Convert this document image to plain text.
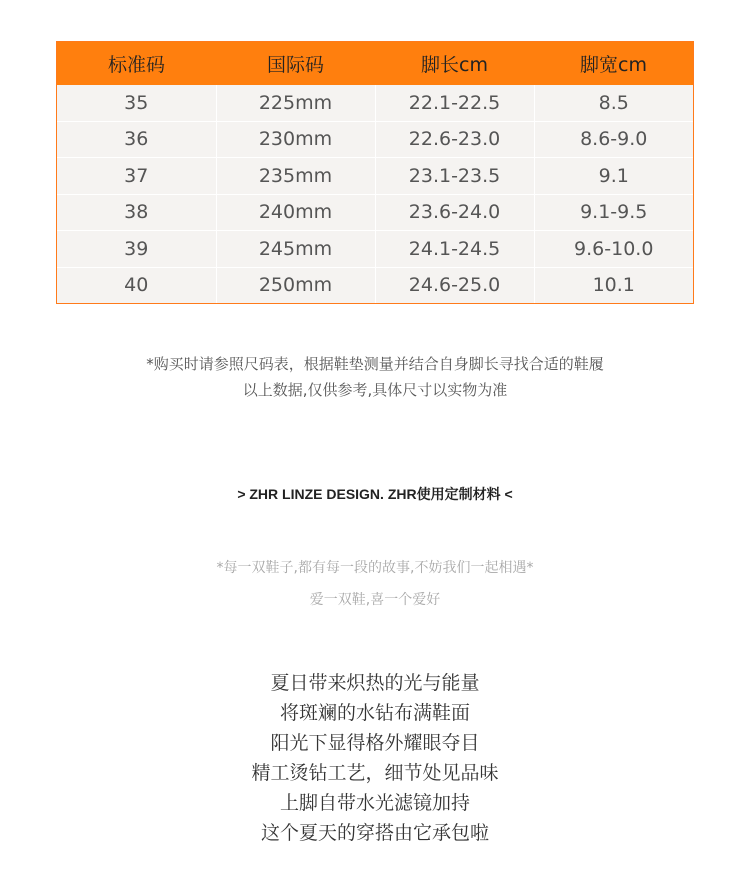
标准码	国际码	脚长cm	脚宽cm
35	225mm	22.1-22.5	8.5
36	230mm	22.6-23.0	8.6-9.0
37	235mm	23.1-23.5	9.1
38	240mm	23.6-24.0	9.1-9.5
39	245mm	24.1-24.5	9.6-10.0
40	250mm	24.6-25.0	10.1
*购买时请参照尺码表，根据鞋垫测量并结合自身脚长寻找合适的鞋履
以上数据,仅供参考,具体尺寸以实物为准
> ZHR LINZE DESIGN. ZHR使用定制材料 <
*每一双鞋子,都有每一段的故事,不妨我们一起相遇*
爱一双鞋,喜一个爱好
夏日带来炽热的光与能量
将斑斓的水钻布满鞋面
阳光下显得格外耀眼夺目
精工烫钻工艺，细节处见品味
上脚自带水光滤镜加持
这个夏天的穿搭由它承包啦
